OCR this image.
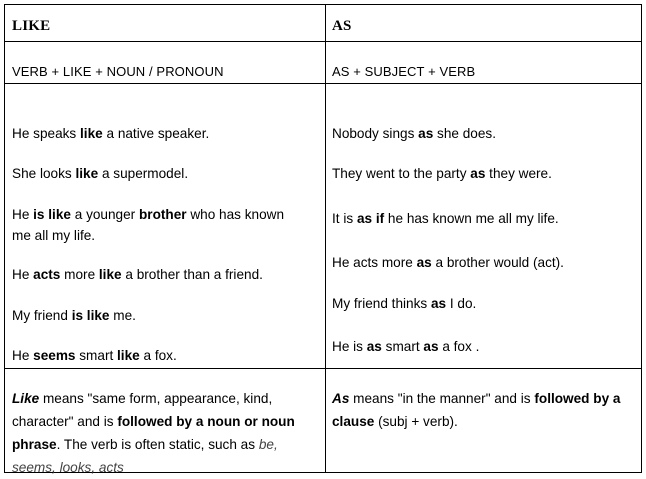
LIKE	AS
VERB + LIKE + NOUN / PRONOUN	AS + SUBJECT + VERB

He speaks like a native speaker.

She looks like a supermodel.

He is like a younger brother who has known me all my life.

He acts more like a brother than a friend.

My friend is like me.

He seems smart like a fox.

Nobody sings as she does.

They went to the party as they were.

It is as if he has known me all my life.

He acts more as a brother would (act).

My friend thinks as I do.

He is as smart as a fox .

Like means "same form, appearance, kind, character" and is followed by a noun or noun phrase. The verb is often static, such as be, seems, looks, acts

As means "in the manner" and is followed by a clause (subj + verb).
